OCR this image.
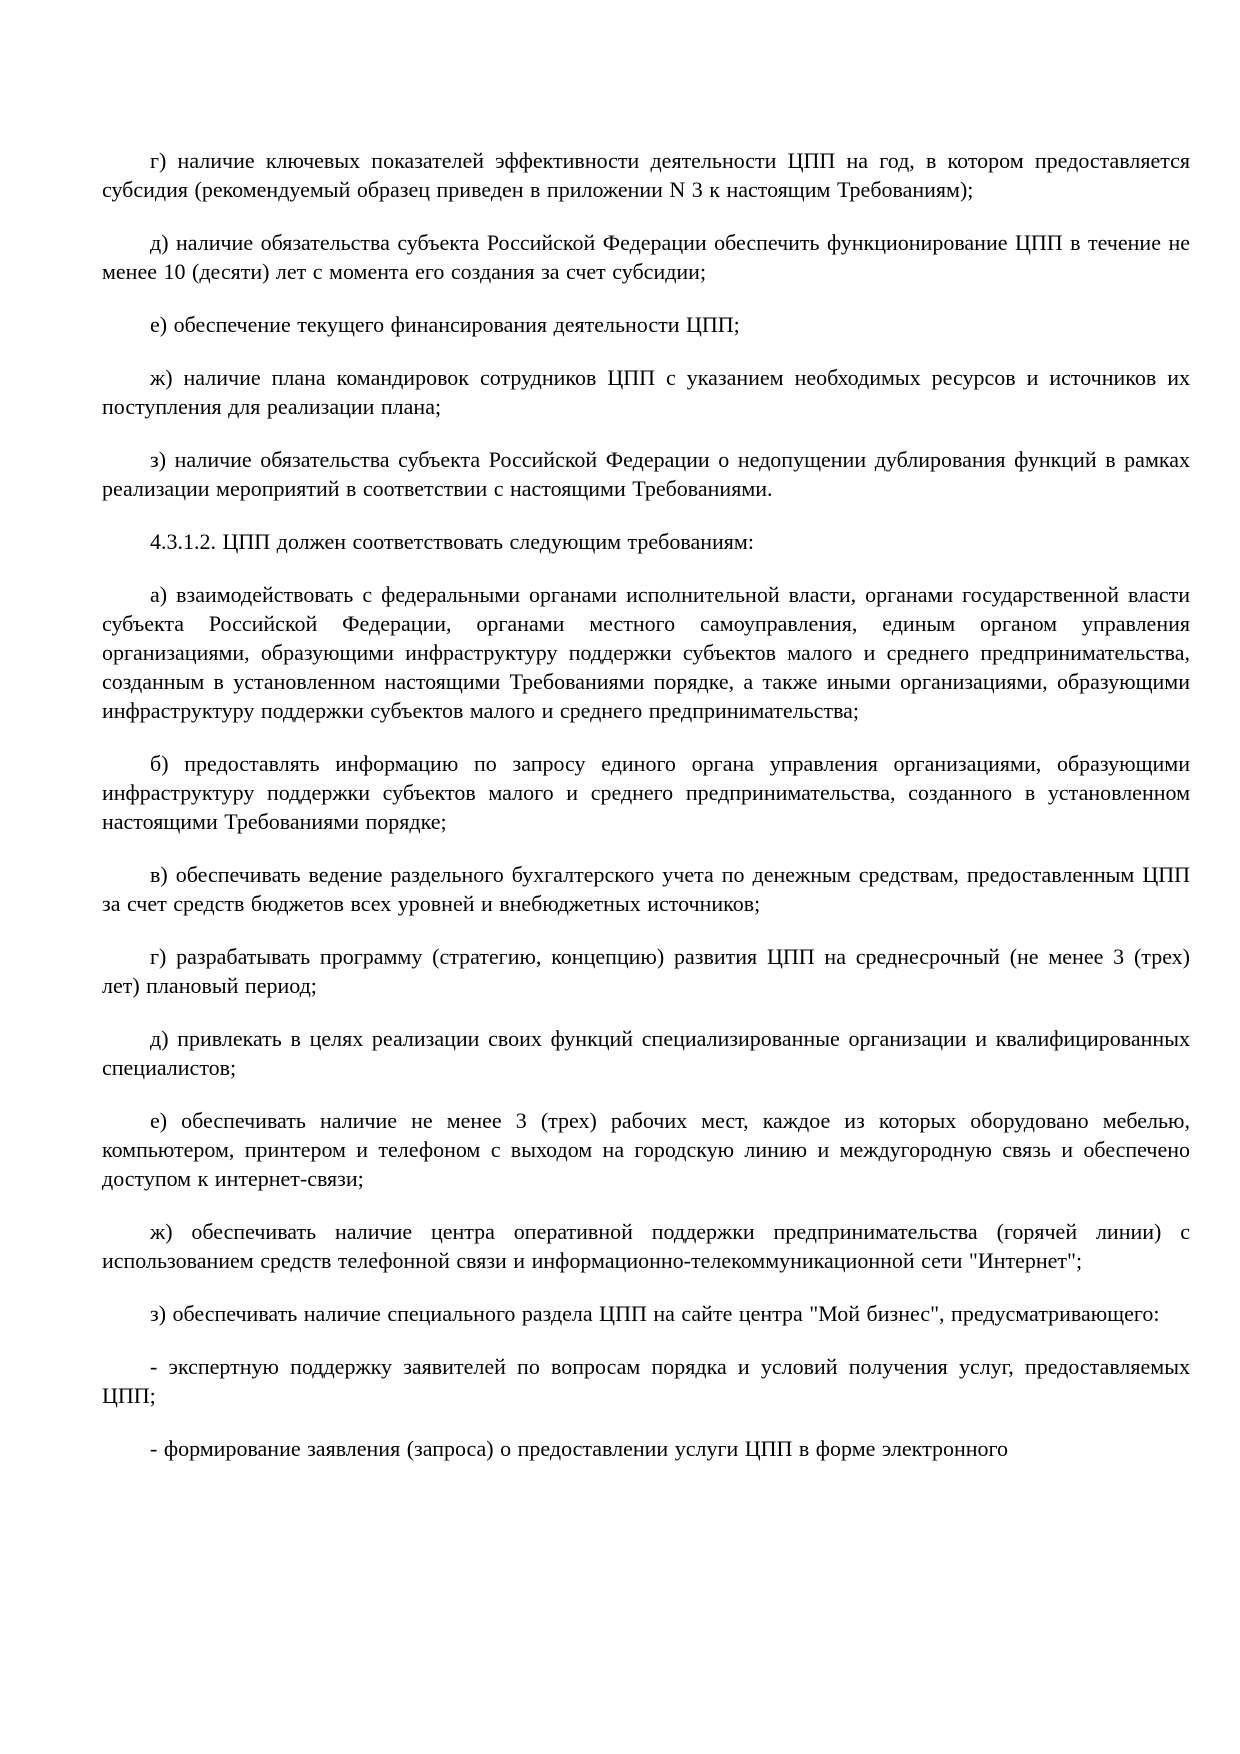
г) наличие ключевых показателей эффективности деятельности ЦПП на год, в котором предоставляется субсидия (рекомендуемый образец приведен в приложении N 3 к настоящим Требованиям);

д) наличие обязательства субъекта Российской Федерации обеспечить функционирование ЦПП в течение не менее 10 (десяти) лет с момента его создания за счет субсидии;

е) обеспечение текущего финансирования деятельности ЦПП;

ж) наличие плана командировок сотрудников ЦПП с указанием необходимых ресурсов и источников их поступления для реализации плана;

з) наличие обязательства субъекта Российской Федерации о недопущении дублирования функций в рамках реализации мероприятий в соответствии с настоящими Требованиями.

4.3.1.2. ЦПП должен соответствовать следующим требованиям:

а) взаимодействовать с федеральными органами исполнительной власти, органами государственной власти субъекта Российской Федерации, органами местного самоуправления, единым органом управления организациями, образующими инфраструктуру поддержки субъектов малого и среднего предпринимательства, созданным в установленном настоящими Требованиями порядке, а также иными организациями, образующими инфраструктуру поддержки субъектов малого и среднего предпринимательства;

б) предоставлять информацию по запросу единого органа управления организациями, образующими инфраструктуру поддержки субъектов малого и среднего предпринимательства, созданного в установленном настоящими Требованиями порядке;

в) обеспечивать ведение раздельного бухгалтерского учета по денежным средствам, предоставленным ЦПП за счет средств бюджетов всех уровней и внебюджетных источников;

г) разрабатывать программу (стратегию, концепцию) развития ЦПП на среднесрочный (не менее 3 (трех) лет) плановый период;

д) привлекать в целях реализации своих функций специализированные организации и квалифицированных специалистов;

е) обеспечивать наличие не менее 3 (трех) рабочих мест, каждое из которых оборудовано мебелью, компьютером, принтером и телефоном с выходом на городскую линию и междугородную связь и обеспечено доступом к интернет-связи;

ж) обеспечивать наличие центра оперативной поддержки предпринимательства (горячей линии) с использованием средств телефонной связи и информационно-телекоммуникационной сети "Интернет";

з) обеспечивать наличие специального раздела ЦПП на сайте центра "Мой бизнес", предусматривающего:

- экспертную поддержку заявителей по вопросам порядка и условий получения услуг, предоставляемых ЦПП;

- формирование заявления (запроса) о предоставлении услуги ЦПП в форме электронного
